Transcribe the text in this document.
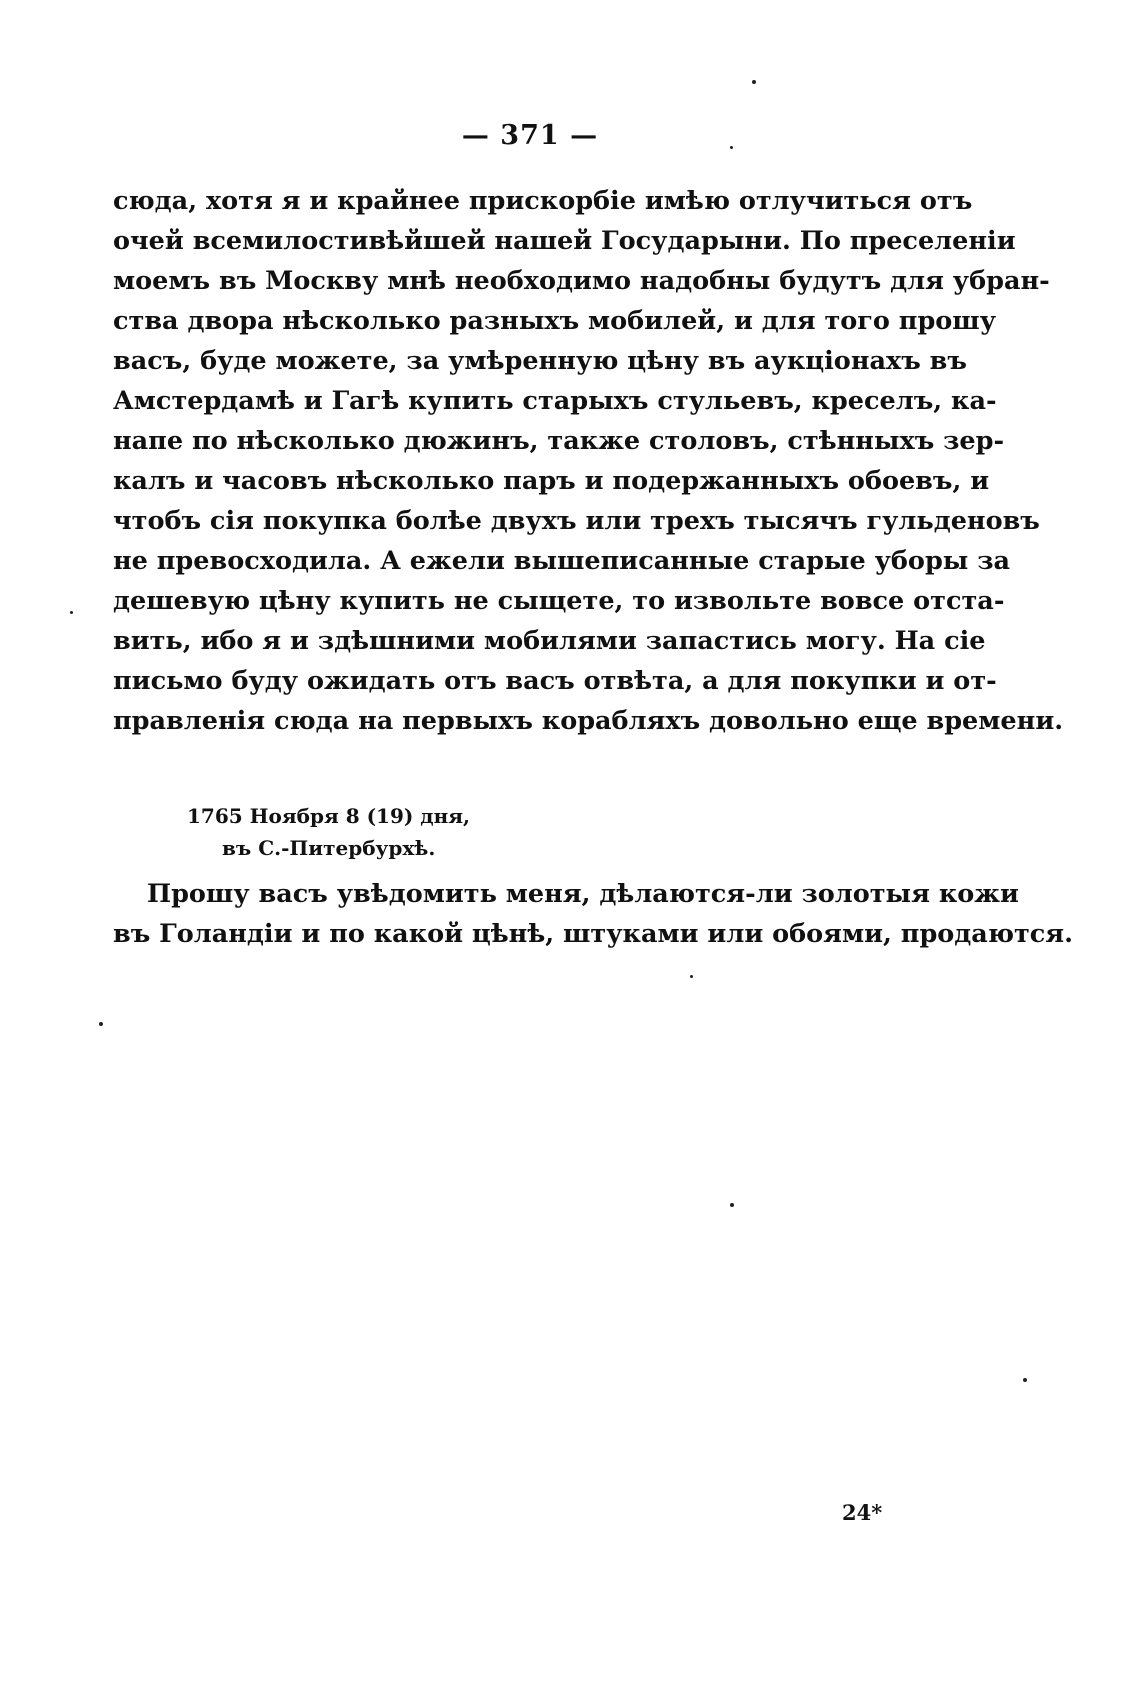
— 371 —
сюда, хотя я и крайнее прискорбіе имѣю отлучиться отъ
очей всемилостивѣйшей нашей Государыни. По преселеніи
моемъ въ Москву мнѣ необходимо надобны будутъ для убран-
ства двора нѣсколько разныхъ мобилей, и для того прошу
васъ, буде можете, за умѣренную цѣну въ аукціонахъ въ
Амстердамѣ и Гагѣ купить старыхъ стульевъ, креселъ, ка-
напе по нѣсколько дюжинъ, также столовъ, стѣнныхъ зер-
калъ и часовъ нѣсколько паръ и подержанныхъ обоевъ, и
чтобъ сія покупка болѣе двухъ или трехъ тысячъ гульденовъ
не превосходила. А ежели вышеписанные старые уборы за
дешевую цѣну купить не сыщете, то извольте вовсе отста-
вить, ибо я и здѣшними мобилями запастись могу. На сіе
письмо буду ожидать отъ васъ отвѣта, а для покупки и от-
правленія сюда на первыхъ корабляхъ довольно еще времени.
1765 Ноября 8 (19) дня,
въ С.-Питербурхѣ.
Прошу васъ увѣдомить меня, дѣлаются-ли золотыя кожи
въ Голандіи и по какой цѣнѣ, штуками или обоями, продаются.
24*
